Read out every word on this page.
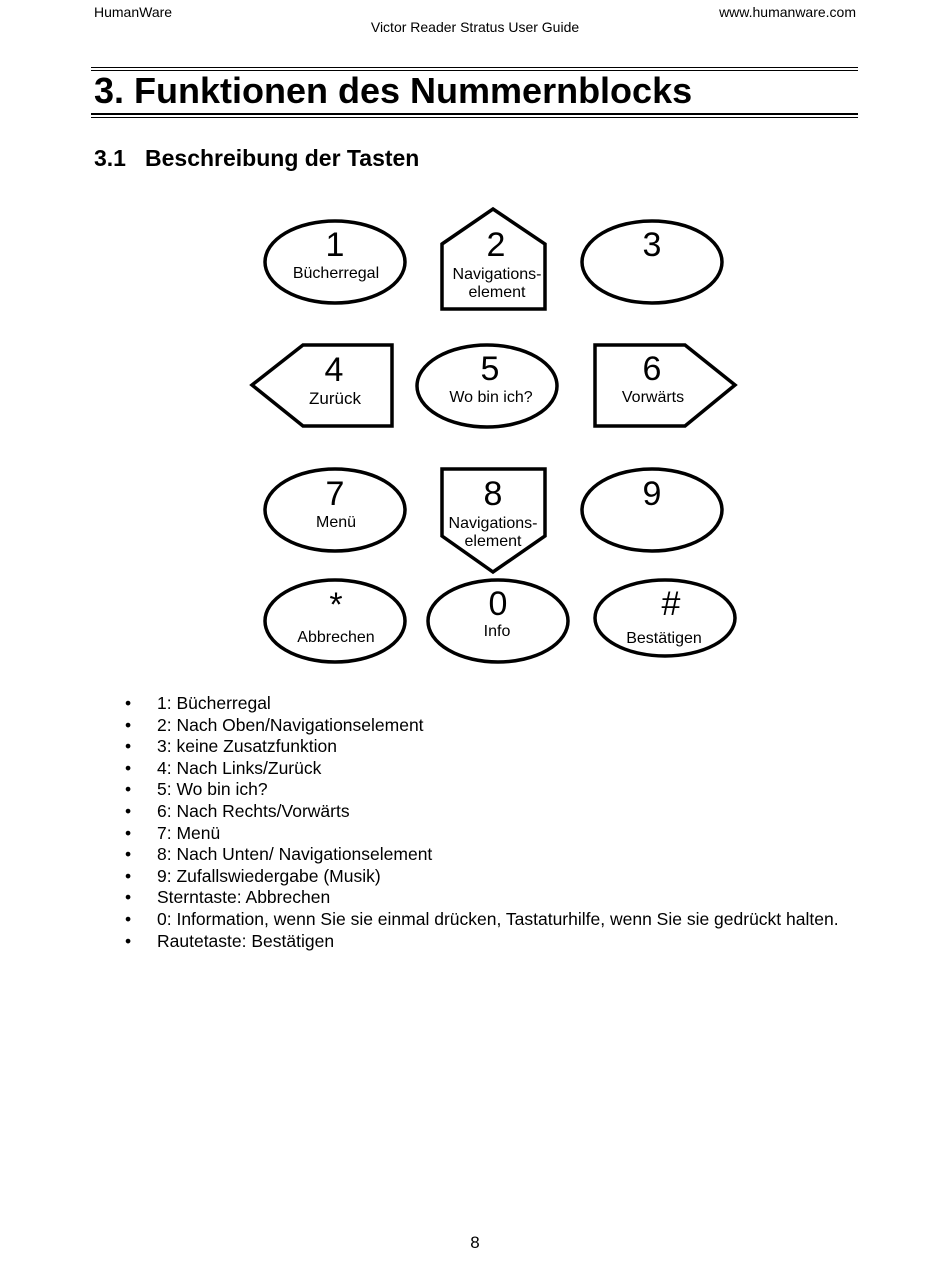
HumanWare	www.humanware.com
Victor Reader Stratus User Guide
3. Funktionen des Nummernblocks
3.1 Beschreibung der Tasten
1
Bücherregal
2
Navigations-
element
3
4
Zurück
5
Wo bin ich?
6
Vorwärts
7
Menü
8
Navigations-
element
9
*
Abbrechen
0
Info
#
Bestätigen
• 1: Bücherregal
• 2: Nach Oben/Navigationselement
• 3: keine Zusatzfunktion
• 4: Nach Links/Zurück
• 5: Wo bin ich?
• 6: Nach Rechts/Vorwärts
• 7: Menü
• 8: Nach Unten/ Navigationselement
• 9: Zufallswiedergabe (Musik)
• Sterntaste: Abbrechen
• 0: Information, wenn Sie sie einmal drücken, Tastaturhilfe, wenn Sie sie gedrückt halten.
• Rautetaste: Bestätigen
8
